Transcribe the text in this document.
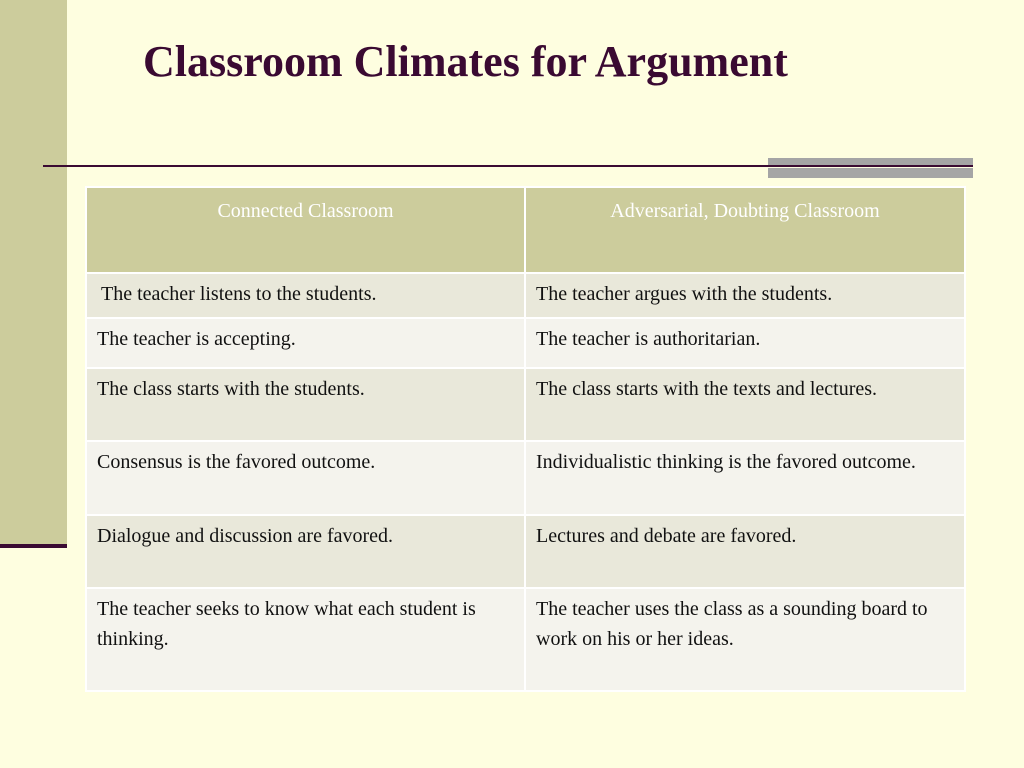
Classroom Climates for Argument
Connected Classroom	Adversarial, Doubting Classroom
The teacher listens to the students.	The teacher argues with the students.
The teacher is accepting.	The teacher is authoritarian.
The class starts with the students.	The class starts with the texts and lectures.
Consensus is the favored outcome.	Individualistic thinking is the favored outcome.
Dialogue and discussion are favored.	Lectures and debate are favored.
The teacher seeks to know what each student is thinking.	The teacher uses the class as a sounding board to work on his or her ideas.
